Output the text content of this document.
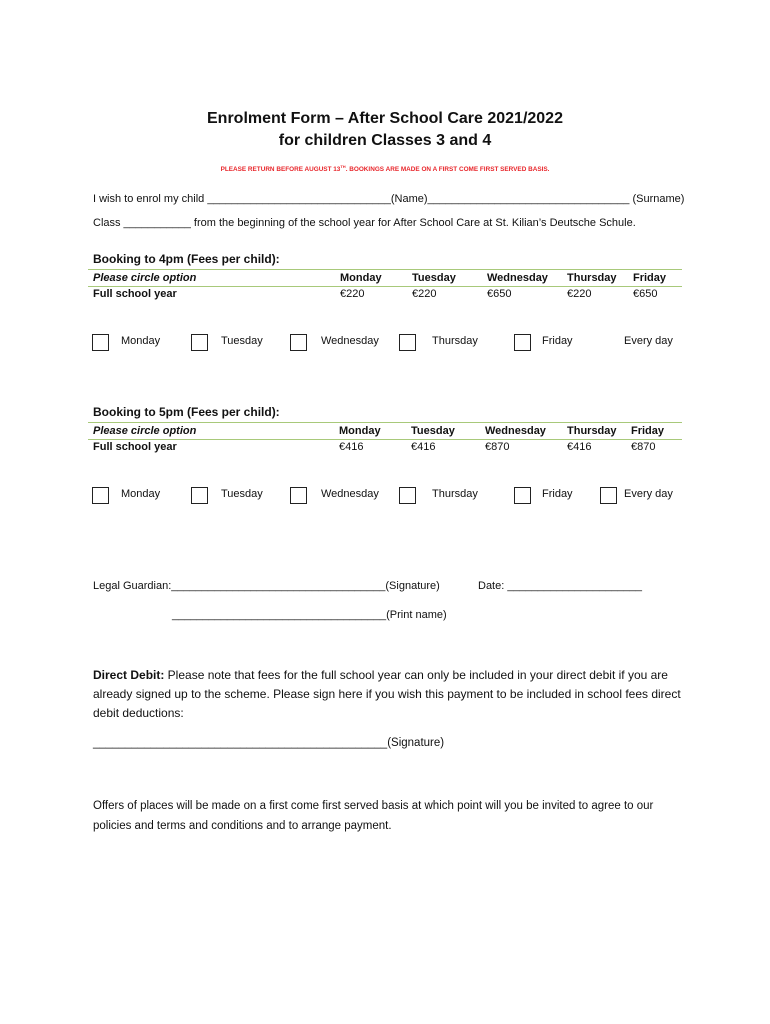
Enrolment Form – After School Care 2021/2022
for children Classes 3 and 4
PLEASE RETURN BEFORE AUGUST 13TH. BOOKINGS ARE MADE ON A FIRST COME FIRST SERVED BASIS.
I wish to enrol my child ______________________________(Name)_________________________________ (Surname)
Class ___________ from the beginning of the school year for After School Care at St. Kilian’s Deutsche Schule.
Booking to 4pm (Fees per child):
Please circle option	Monday	Tuesday	Wednesday Thursday Friday
Full school year	€220	€220	€650	€220	€650
Monday	Tuesday	Wednesday	Thursday	Friday	Every day
Booking to 5pm (Fees per child):
Please circle option	Monday	Tuesday	Wednesday Thursday Friday
Full school year	€416	€416	€870	€416	€870
Monday	Tuesday	Wednesday	Thursday	Friday	Every day
Legal Guardian:___________________________________(Signature)	Date: ______________________
___________________________________(Print name)
Direct Debit: Please note that fees for the full school year can only be included in your direct debit if you are already signed up to the scheme. Please sign here if you wish this payment to be included in school fees direct debit deductions:
______________________________________________(Signature)
Offers of places will be made on a first come first served basis at which point will you be invited to agree to our policies and terms and conditions and to arrange payment.
